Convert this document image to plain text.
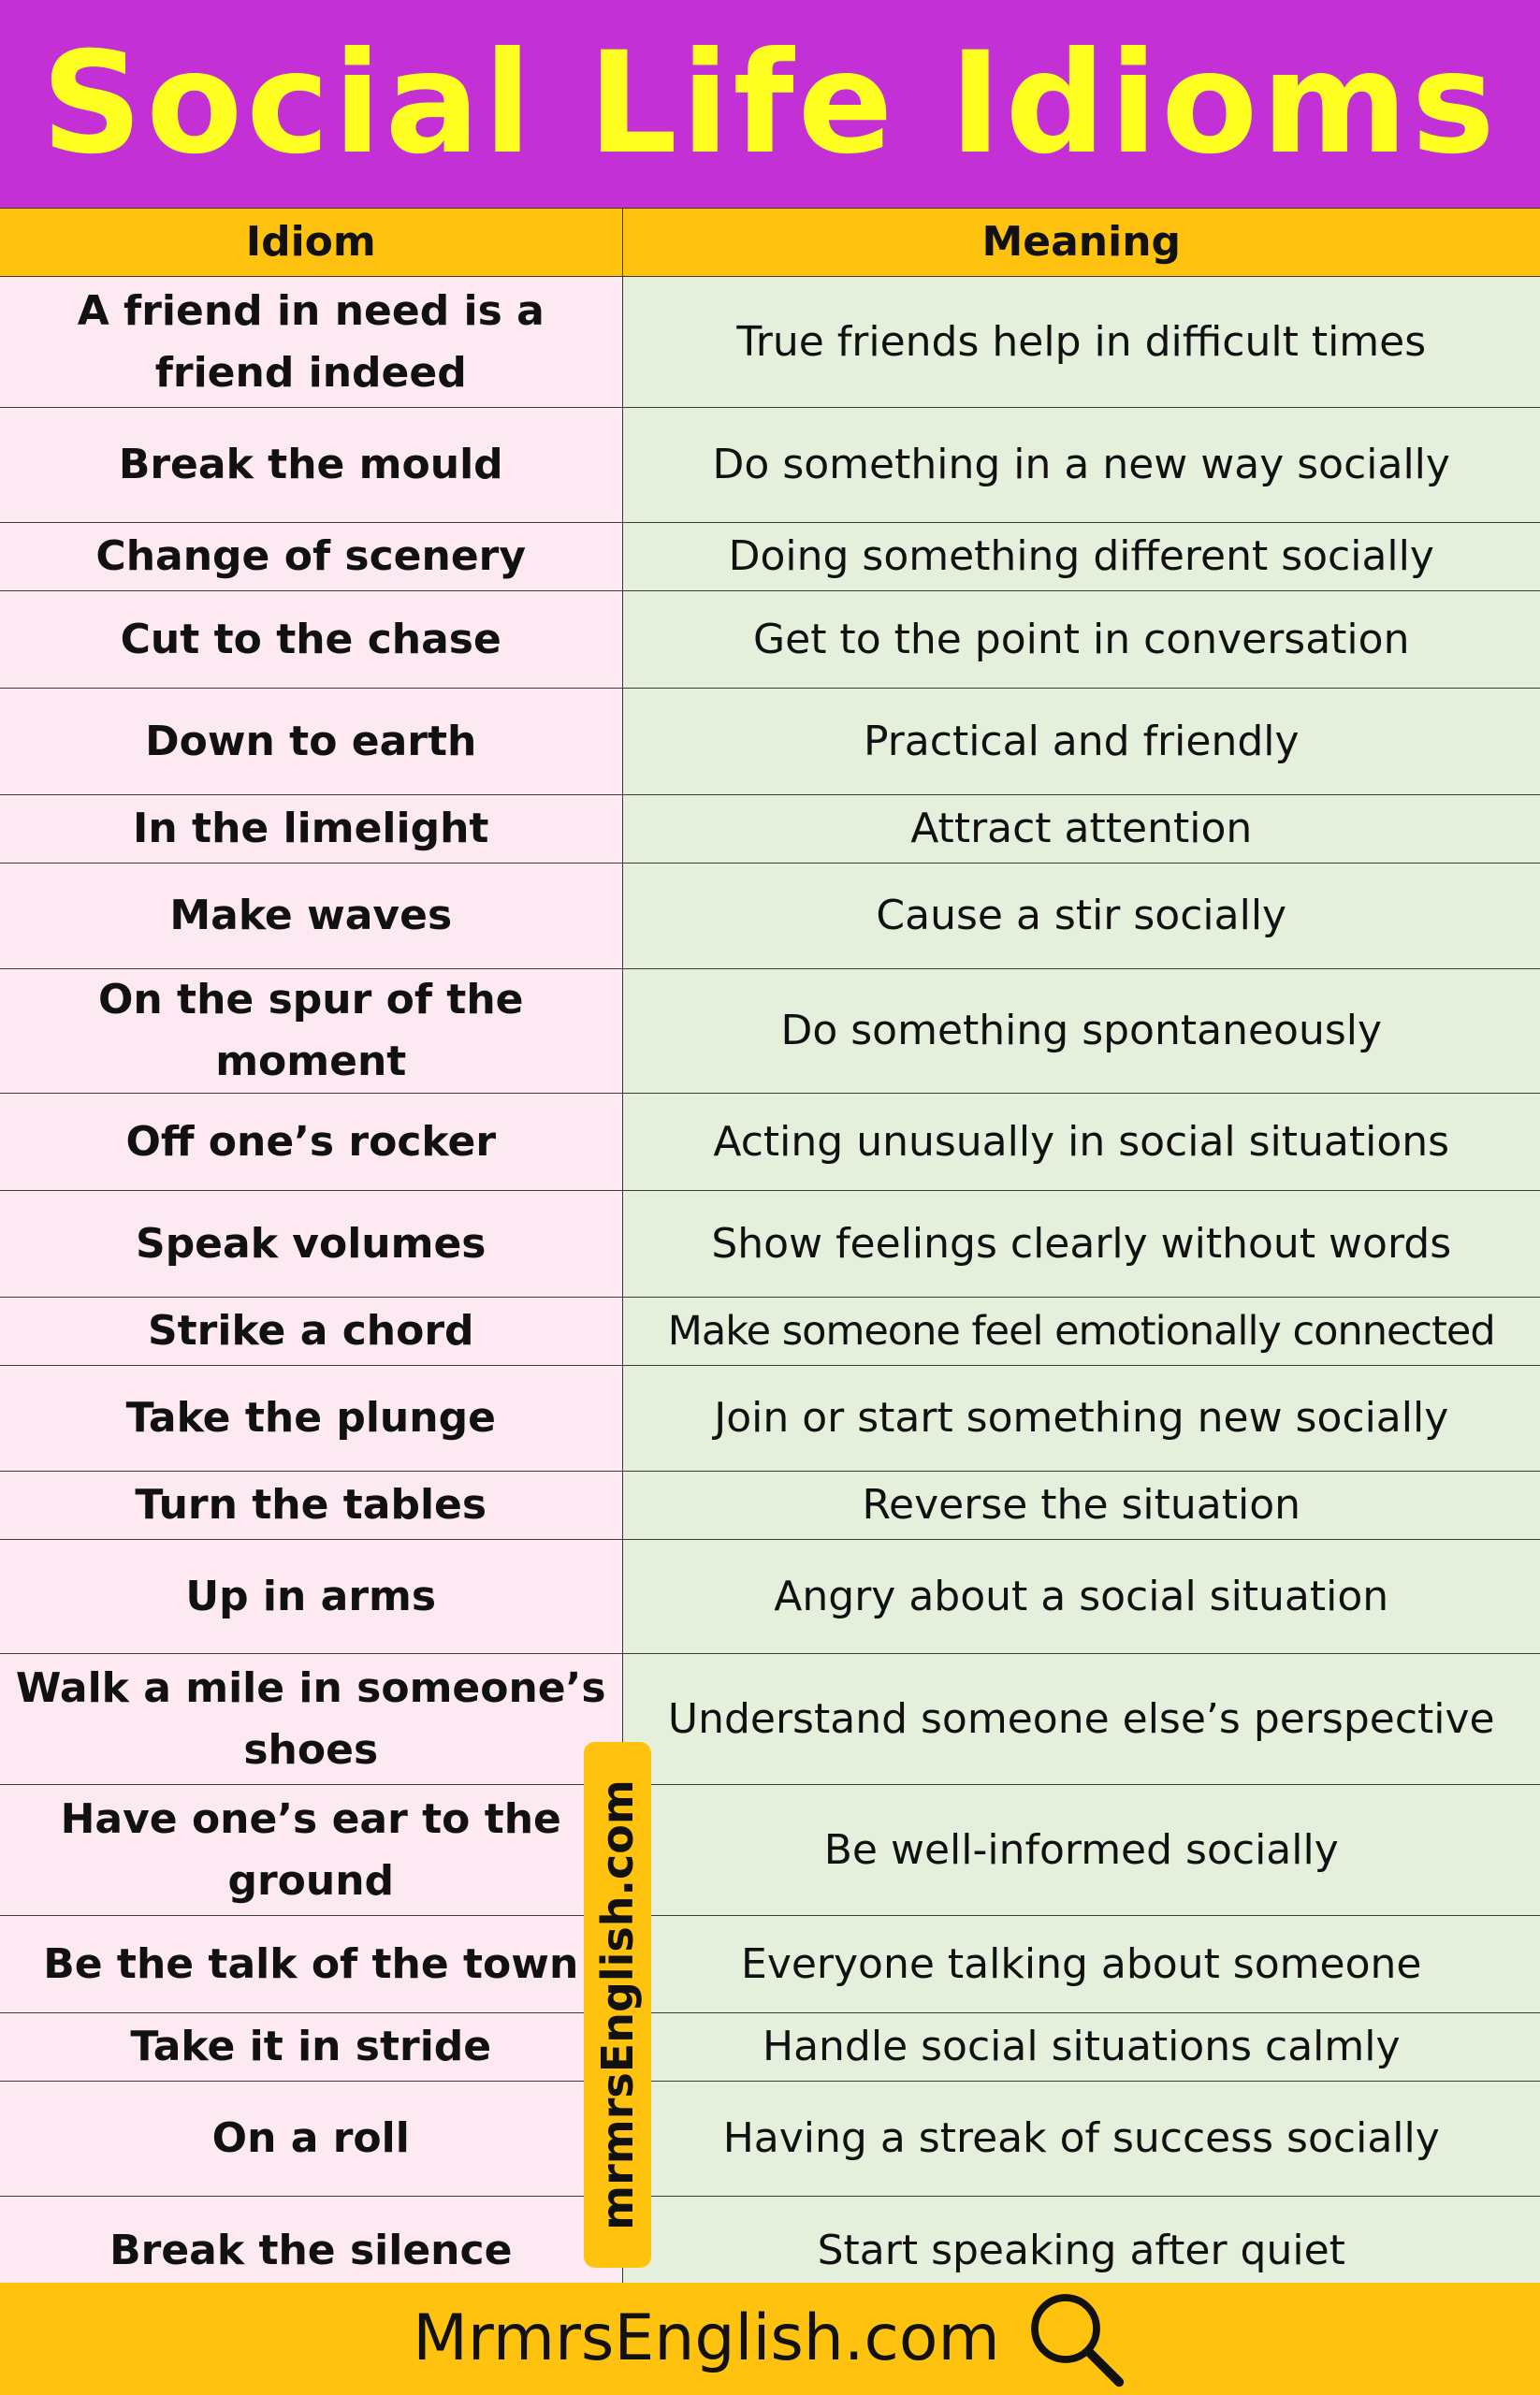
Social Life Idioms
Idiom	Meaning
A friend in need is a friend indeed	True friends help in difficult times
Break the mould	Do something in a new way socially
Change of scenery	Doing something different socially
Cut to the chase	Get to the point in conversation
Down to earth	Practical and friendly
In the limelight	Attract attention
Make waves	Cause a stir socially
On the spur of the moment	Do something spontaneously
Off one’s rocker	Acting unusually in social situations
Speak volumes	Show feelings clearly without words
Strike a chord	Make someone feel emotionally connected
Take the plunge	Join or start something new socially
Turn the tables	Reverse the situation
Up in arms	Angry about a social situation
Walk a mile in someone’s shoes	Understand someone else’s perspective
Have one’s ear to the ground	Be well-informed socially
Be the talk of the town	Everyone talking about someone
Take it in stride	Handle social situations calmly
On a roll	Having a streak of success socially
Break the silence	Start speaking after quiet
mrmrsEnglish.com
MrmrsEnglish.com
